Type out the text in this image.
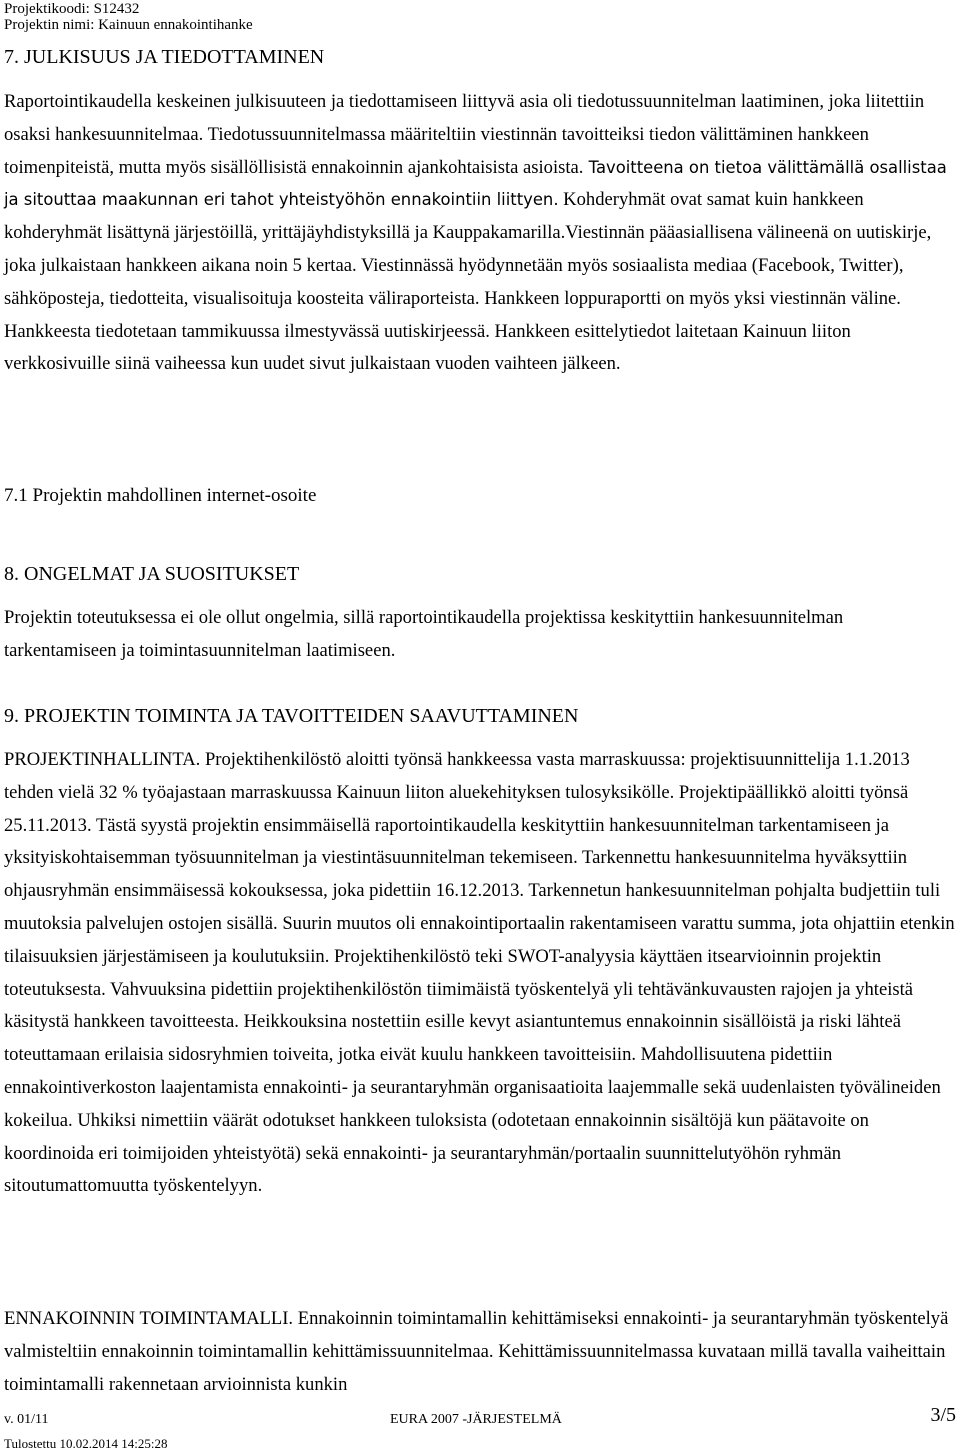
Projektikoodi: S12432
Projektin nimi: Kainuun ennakointihanke
7. JULKISUUS JA TIEDOTTAMINEN

Raportointikaudella keskeinen julkisuuteen ja tiedottamiseen liittyvä asia oli tiedotussuunnitelman laatiminen, joka liitettiin osaksi hankesuunnitelmaa. Tiedotussuunnitelmassa määriteltiin viestinnän tavoitteiksi tiedon välittäminen hankkeen toimenpiteistä, mutta myös sisällöllisistä ennakoinnin ajankohtaisista asioista. Tavoitteena on tietoa välittämällä osallistaa ja sitouttaa maakunnan eri tahot yhteistyöhön ennakointiin liittyen. Kohderyhmät ovat samat kuin hankkeen kohderyhmät lisättynä järjestöillä, yrittäjäyhdistyksillä ja Kauppakamarilla.Viestinnän pääasiallisena välineenä on uutiskirje, joka julkaistaan hankkeen aikana noin 5 kertaa. Viestinnässä hyödynnetään myös sosiaalista mediaa (Facebook, Twitter), sähköposteja, tiedotteita, visualisoituja koosteita väliraporteista. Hankkeen loppuraportti on myös yksi viestinnän väline. Hankkeesta tiedotetaan tammikuussa ilmestyvässä uutiskirjeessä. Hankkeen esittelytiedot laitetaan Kainuun liiton verkkosivuille siinä vaiheessa kun uudet sivut julkaistaan vuoden vaihteen jälkeen.

7.1 Projektin mahdollinen internet-osoite
8. ONGELMAT JA SUOSITUKSET

Projektin toteutuksessa ei ole ollut ongelmia, sillä raportointikaudella projektissa keskityttiin hankesuunnitelman tarkentamiseen ja toimintasuunnitelman laatimiseen.

9. PROJEKTIN TOIMINTA JA TAVOITTEIDEN SAAVUTTAMINEN

PROJEKTINHALLINTA. Projektihenkilöstö aloitti työnsä hankkeessa vasta marraskuussa: projektisuunnittelija 1.1.2013 tehden vielä 32 % työajastaan marraskuussa Kainuun liiton aluekehityksen tulosyksikölle. Projektipäällikkö aloitti työnsä 25.11.2013. Tästä syystä projektin ensimmäisellä raportointikaudella keskityttiin hankesuunnitelman tarkentamiseen ja yksityiskohtaisemman työsuunnitelman ja viestintäsuunnitelman tekemiseen. Tarkennettu hankesuunnitelma hyväksyttiin ohjausryhmän ensimmäisessä kokouksessa, joka pidettiin 16.12.2013. Tarkennetun hankesuunnitelman pohjalta budjettiin tuli muutoksia palvelujen ostojen sisällä. Suurin muutos oli ennakointiportaalin rakentamiseen varattu summa, jota ohjattiin etenkin tilaisuuksien järjestämiseen ja koulutuksiin. Projektihenkilöstö teki SWOT-analyysia käyttäen itsearvioinnin projektin toteutuksesta. Vahvuuksina pidettiin projektihenkilöstön tiimimäistä työskentelyä yli tehtävänkuvausten rajojen ja yhteistä käsitystä hankkeen tavoitteesta. Heikkouksina nostettiin esille kevyt asiantuntemus ennakoinnin sisällöistä ja riski lähteä toteuttamaan erilaisia sidosryhmien toiveita, jotka eivät kuulu hankkeen tavoitteisiin. Mahdollisuutena pidettiin ennakointiverkoston laajentamista ennakointi- ja seurantaryhmän organisaatioita laajemmalle sekä uudenlaisten työvälineiden kokeilua. Uhkiksi nimettiin väärät odotukset hankkeen tuloksista (odotetaan ennakoinnin sisältöjä kun päätavoite on koordinoida eri toimijoiden yhteistyötä) sekä ennakointi- ja seurantaryhmän/portaalin suunnittelutyöhön ryhmän sitoutumattomuutta työskentelyyn.

ENNAKOINNIN TOIMINTAMALLI. Ennakoinnin toimintamallin kehittämiseksi ennakointi- ja seurantaryhmän työskentelyä valmisteltiin ennakoinnin toimintamallin kehittämissuunnitelmaa. Kehittämissuunnitelmassa kuvataan millä tavalla vaiheittain toimintamalli rakennetaan arvioinnista kunkin

v. 01/11	EURA 2007 -JÄRJESTELMÄ	3/5
Tulostettu 10.02.2014 14:25:28
